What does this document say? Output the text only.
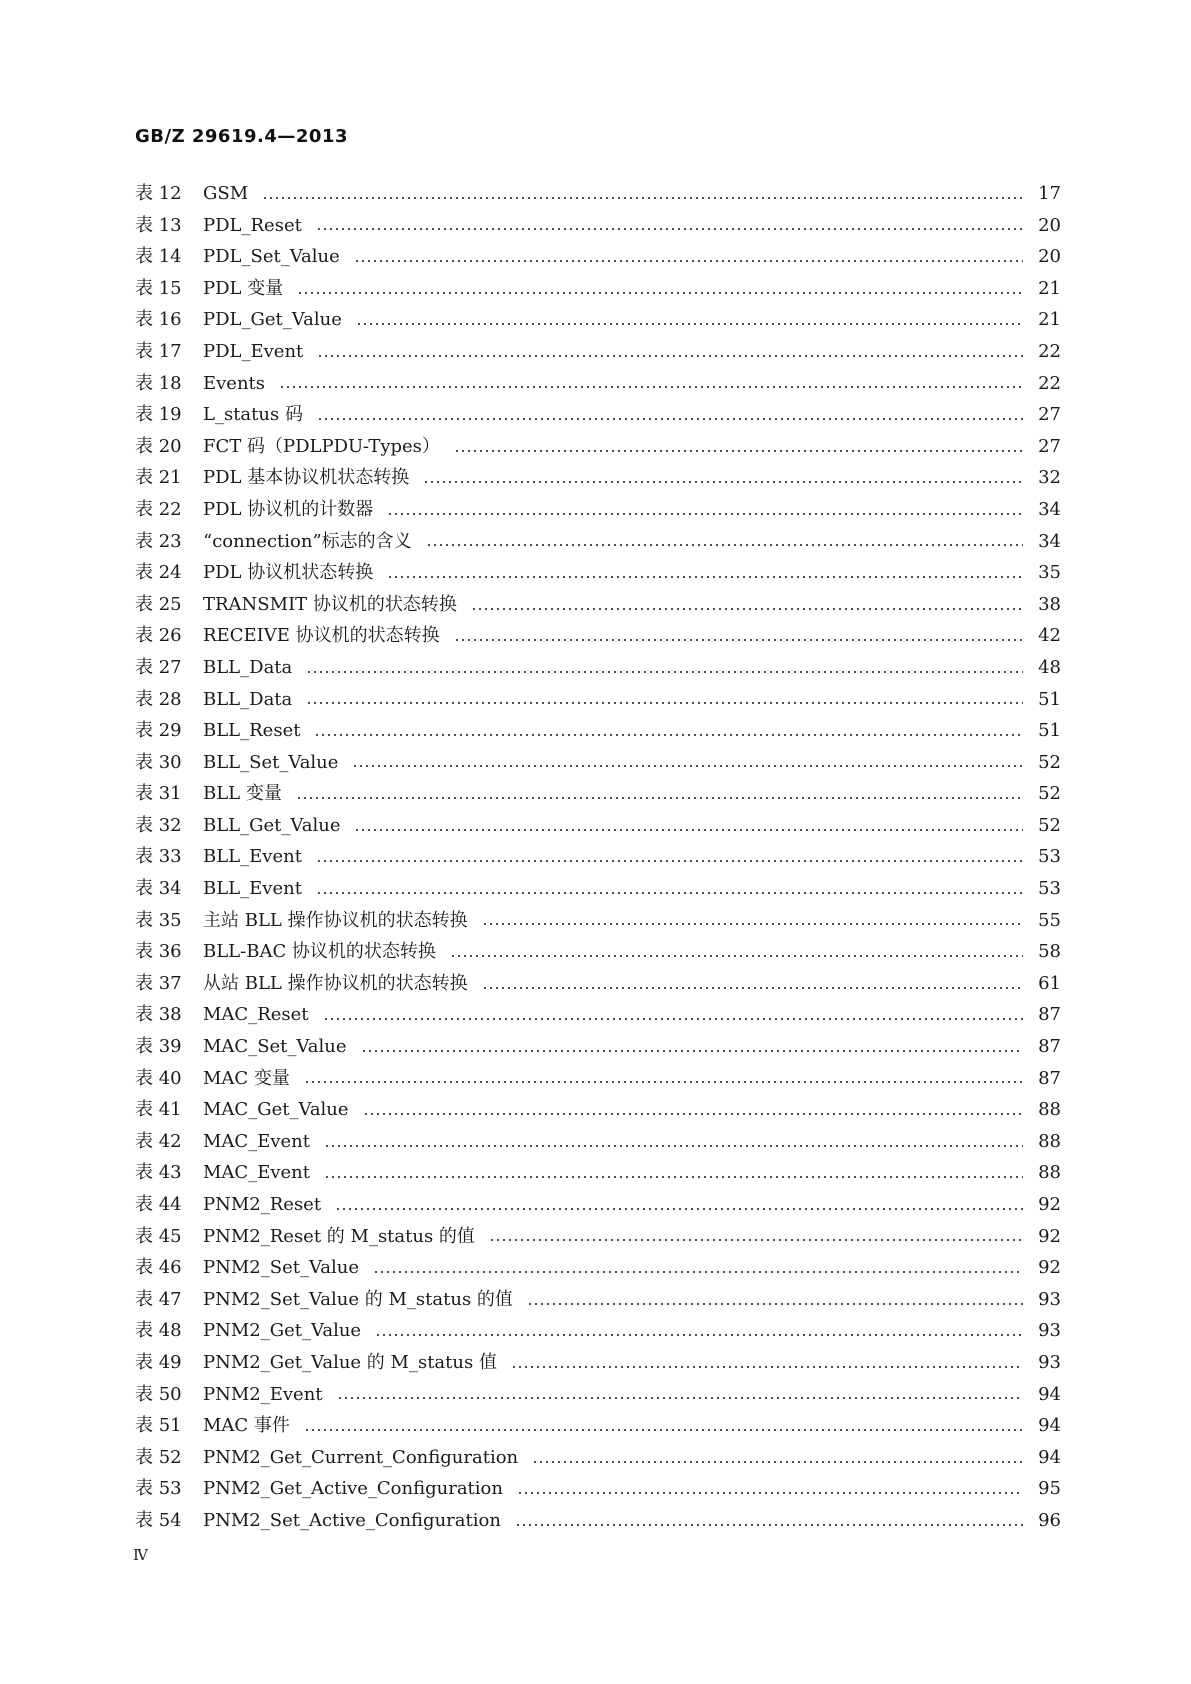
GB/Z 29619.4—2013
表 12	GSM	17
表 13	PDL_Reset	20
表 14	PDL_Set_Value	20
表 15	PDL 变量	21
表 16	PDL_Get_Value	21
表 17	PDL_Event	22
表 18	Events	22
表 19	L_status 码	27
表 20	FCT 码（PDLPDU-Types）	27
表 21	PDL 基本协议机状态转换	32
表 22	PDL 协议机的计数器	34
表 23	“connection”标志的含义	34
表 24	PDL 协议机状态转换	35
表 25	TRANSMIT 协议机的状态转换	38
表 26	RECEIVE 协议机的状态转换	42
表 27	BLL_Data	48
表 28	BLL_Data	51
表 29	BLL_Reset	51
表 30	BLL_Set_Value	52
表 31	BLL 变量	52
表 32	BLL_Get_Value	52
表 33	BLL_Event	53
表 34	BLL_Event	53
表 35	主站 BLL 操作协议机的状态转换	55
表 36	BLL-BAC 协议机的状态转换	58
表 37	从站 BLL 操作协议机的状态转换	61
表 38	MAC_Reset	87
表 39	MAC_Set_Value	87
表 40	MAC 变量	87
表 41	MAC_Get_Value	88
表 42	MAC_Event	88
表 43	MAC_Event	88
表 44	PNM2_Reset	92
表 45	PNM2_Reset 的 M_status 的值	92
表 46	PNM2_Set_Value	92
表 47	PNM2_Set_Value 的 M_status 的值	93
表 48	PNM2_Get_Value	93
表 49	PNM2_Get_Value 的 M_status 值	93
表 50	PNM2_Event	94
表 51	MAC 事件	94
表 52	PNM2_Get_Current_Configuration	94
表 53	PNM2_Get_Active_Configuration	95
表 54	PNM2_Set_Active_Configuration	96
Ⅳ
